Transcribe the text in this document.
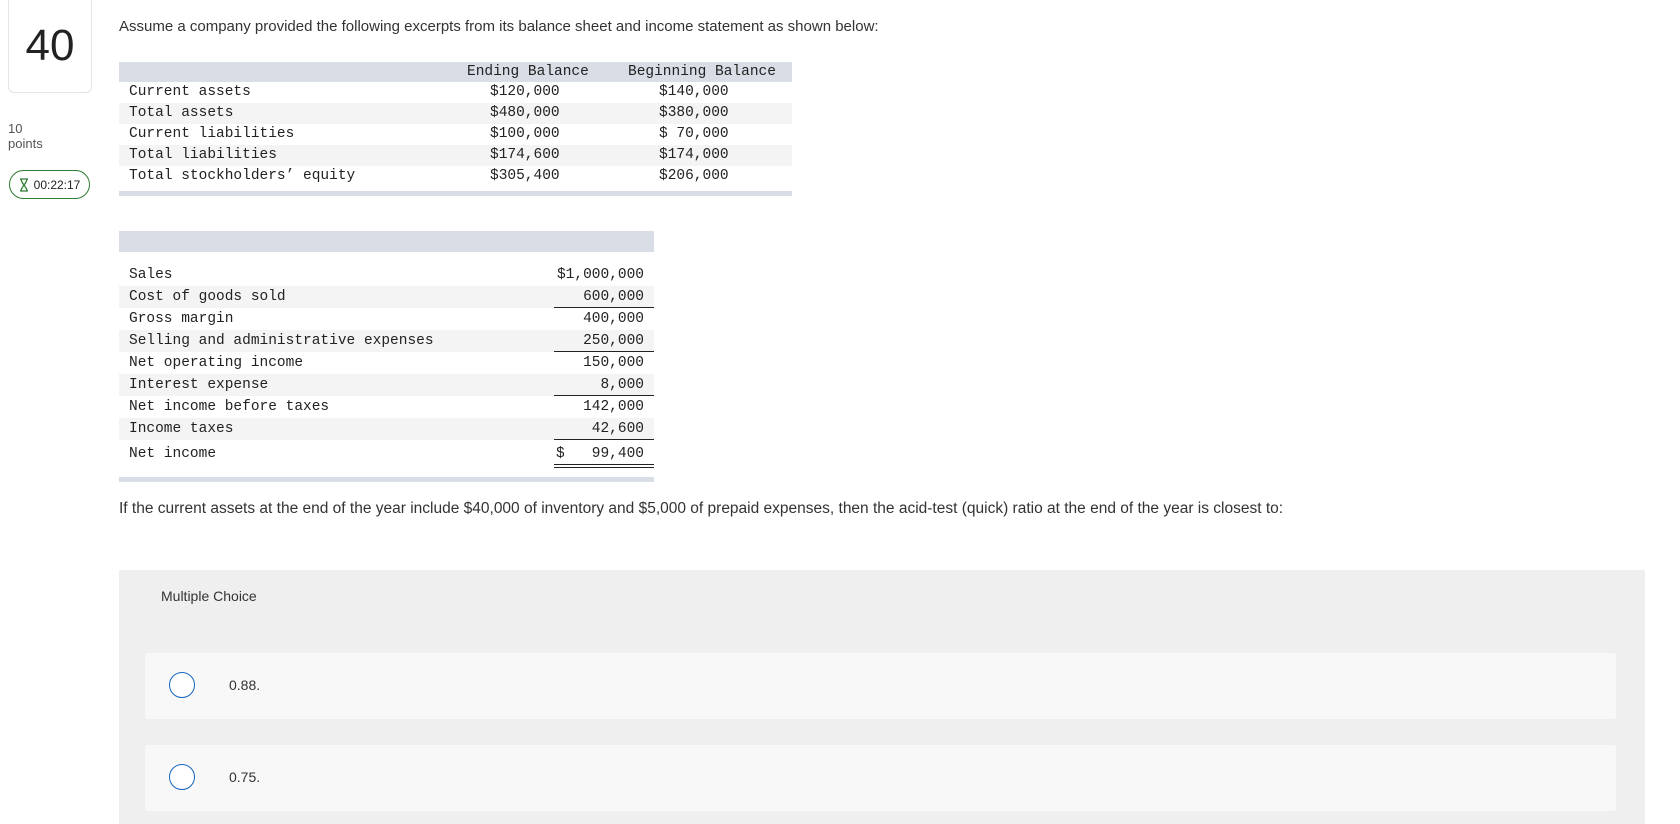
40
10
points
00:22:17
Assume a company provided the following excerpts from its balance sheet and income statement as shown below:
Ending Balance	Beginning Balance
Current assets	$120,000	$140,000
Total assets	$480,000	$380,000
Current liabilities	$100,000	$ 70,000
Total liabilities	$174,600	$174,000
Total stockholders’ equity	$305,400	$206,000
Sales	$1,000,000
Cost of goods sold	600,000
Gross margin	400,000
Selling and administrative expenses	250,000
Net operating income	150,000
Interest expense	8,000
Net income before taxes	142,000
Income taxes	42,600
Net income	$ 99,400
If the current assets at the end of the year include $40,000 of inventory and $5,000 of prepaid expenses, then the acid-test (quick) ratio at the end of the year is closest to:
Multiple Choice
0.88.
0.75.
